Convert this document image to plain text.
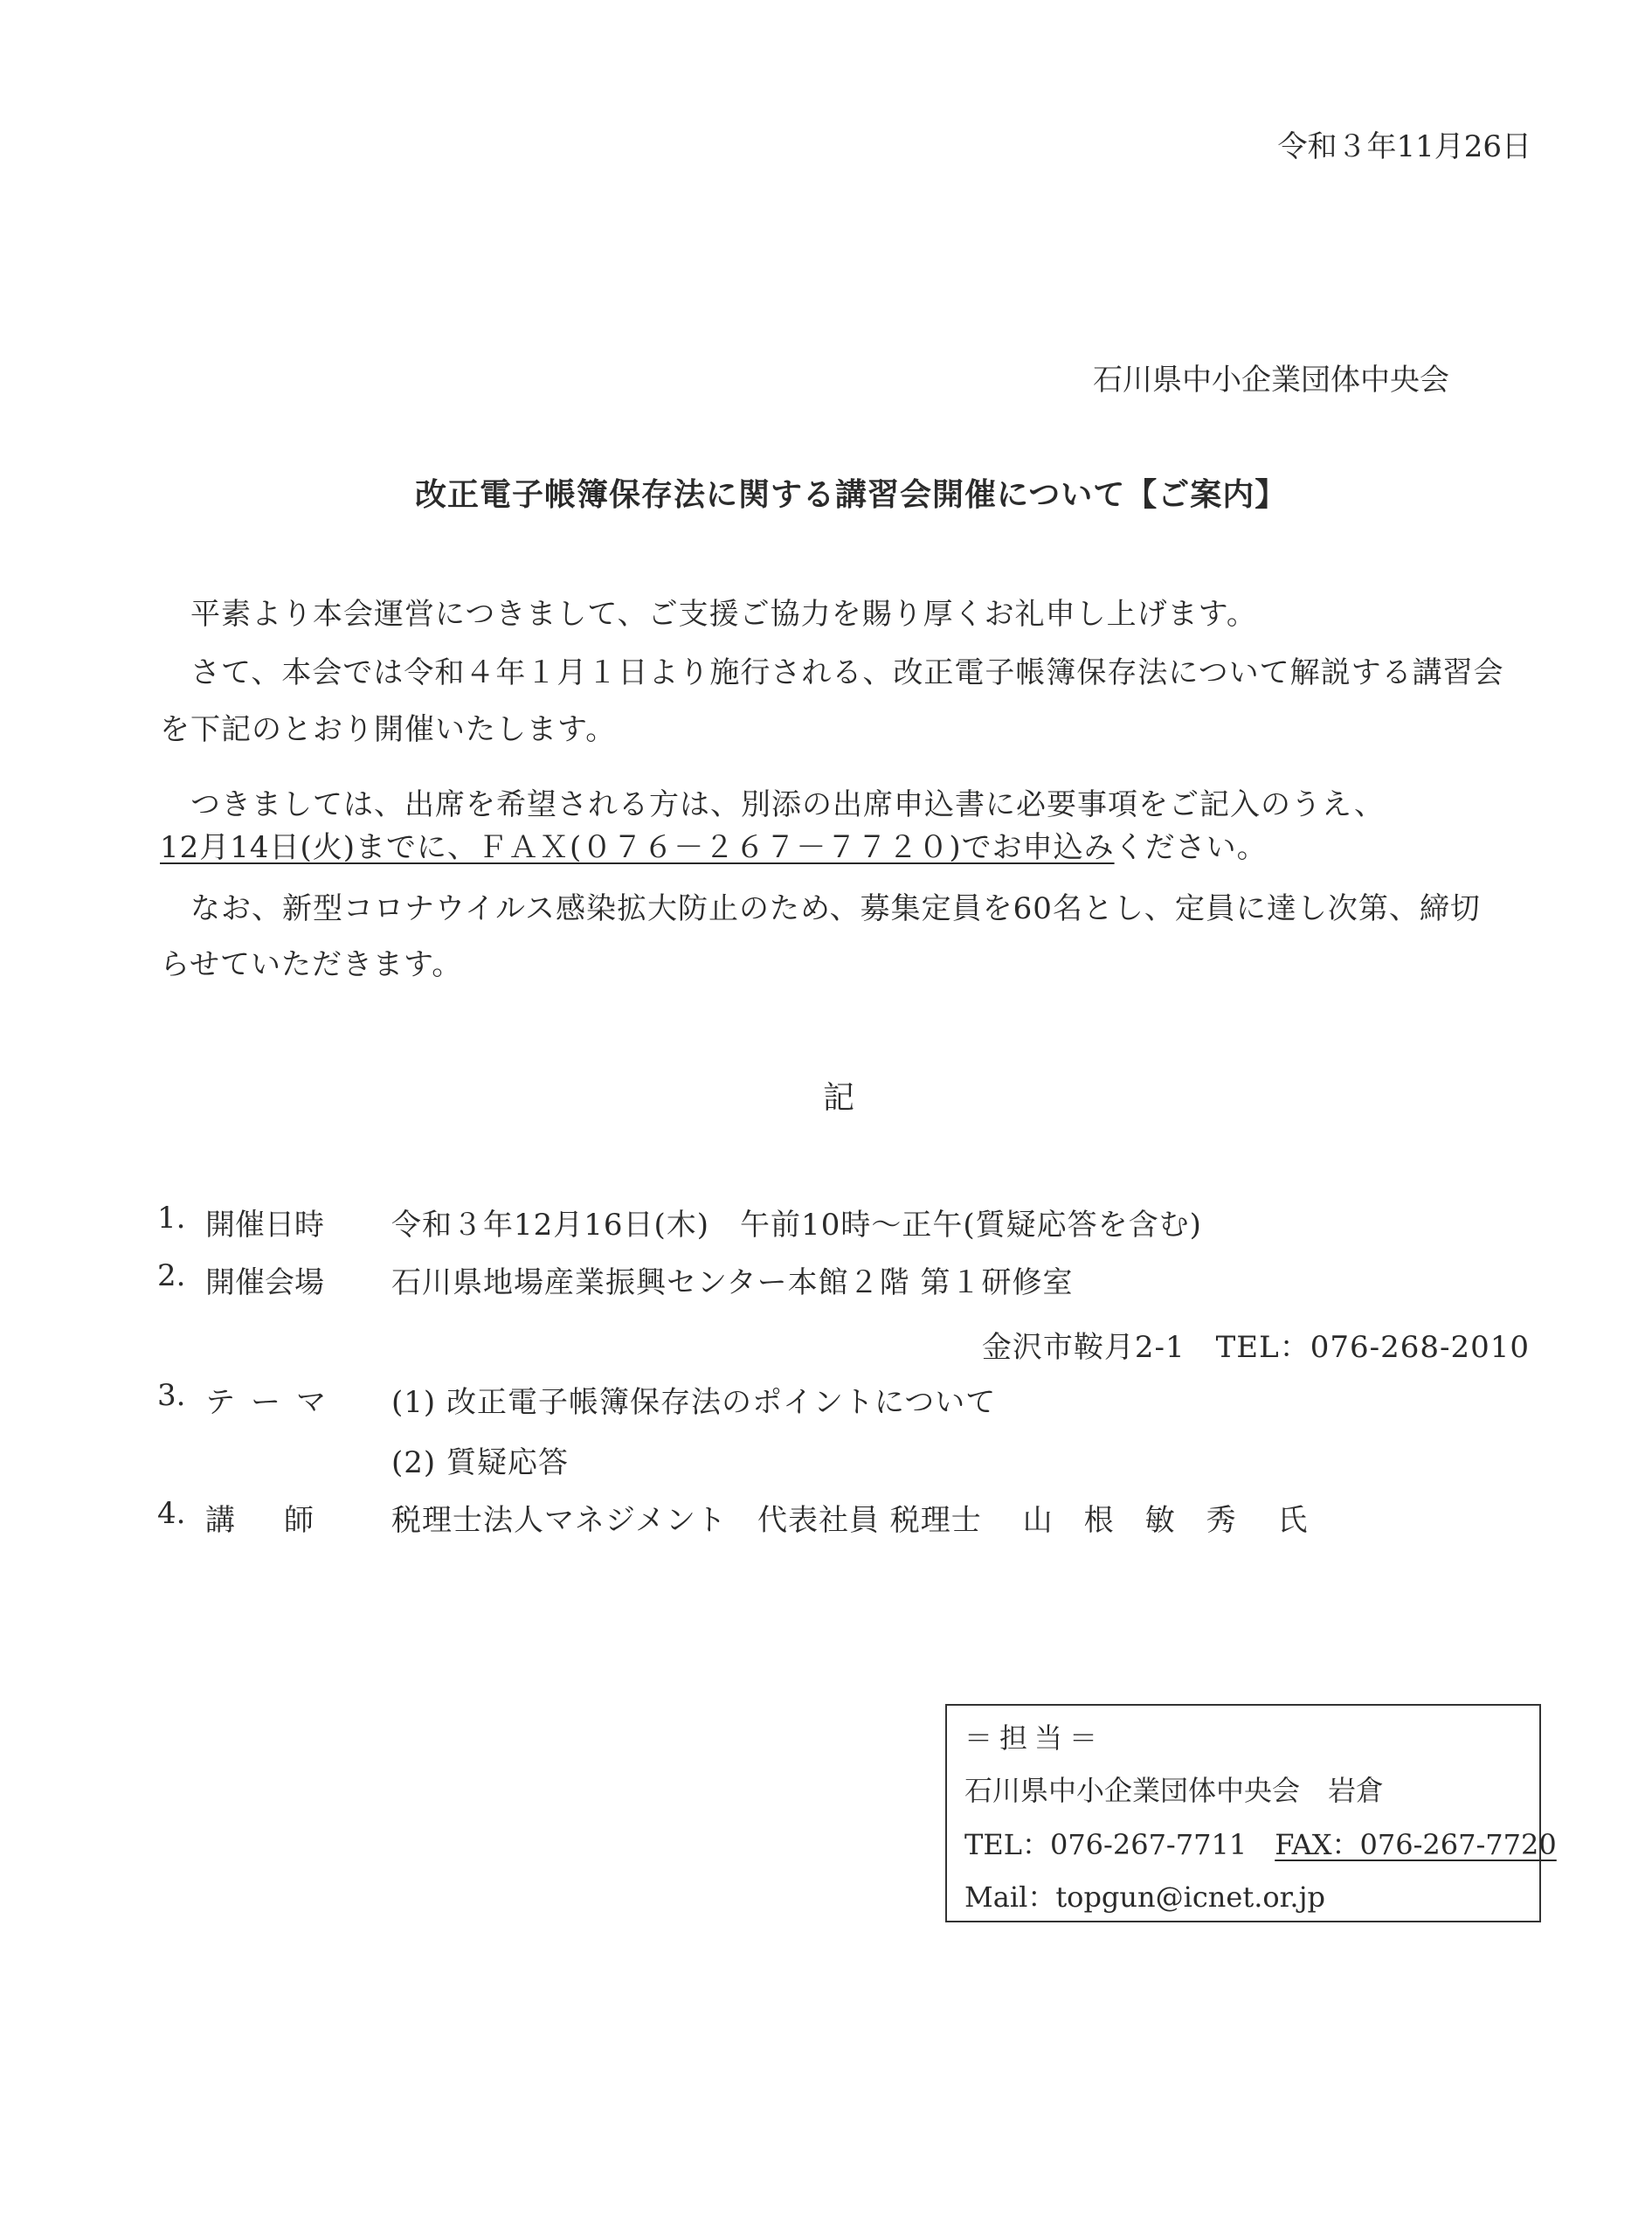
令和３年11月26日
石川県中小企業団体中央会
改正電子帳簿保存法に関する講習会開催について【ご案内】
平素より本会運営につきまして、ご支援ご協力を賜り厚くお礼申し上げます。
さて、本会では令和４年１月１日より施行される、改正電子帳簿保存法について解説する講習会
を下記のとおり開催いたします。
つきましては、出席を希望される方は、別添の出席申込書に必要事項をご記入のうえ、
12月14日(火)までに、ＦＡＸ(０７６－２６７－７７２０)でお申込みください。
なお、新型コロナウイルス感染拡大防止のため、募集定員を60名とし、定員に達し次第、締切
らせていただきます。
記
1. 開催日時 令和３年12月16日(木)　午前10時～正午(質疑応答を含む)
2. 開催会場 石川県地場産業振興センター本館２階 第１研修室
金沢市鞍月2-1　TEL：076-268-2010
3. テーマ (1) 改正電子帳簿保存法のポイントについて
(2) 質疑応答
4. 講師 税理士法人マネジメント　代表社員 税理士　 山　根　敏　秀　 氏
＝担当＝
石川県中小企業団体中央会　岩倉
TEL：076-267-7711　 FAX：076-267-7720
Mail：topgun@icnet.or.jp
